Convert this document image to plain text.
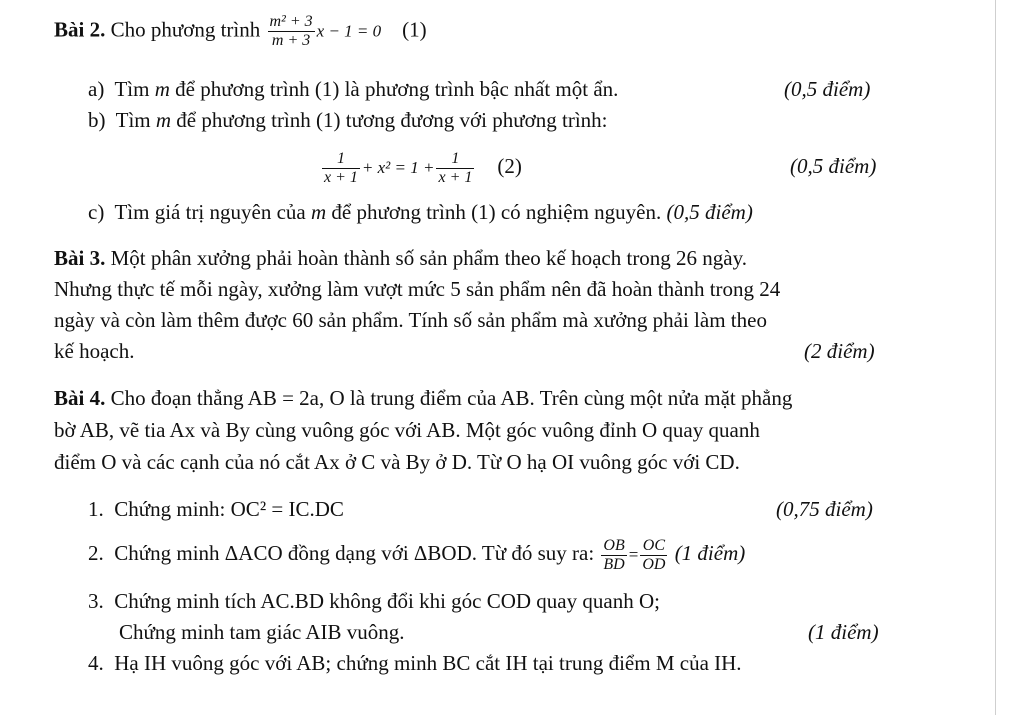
Bài 2. Cho phương trình $\frac{\text{m² + 3}}{m + 3}$ x − 1 = 0 (1)
a) Tìm m để phương trình (1) là phương trình bậc nhất một ẩn.	(0,5 điểm)
b) Tìm m để phương trình (1) tương đương với phương trình:
$\frac{1}{x + 1} + x^2 = 1 + \frac{1}{x + 1} (2)$	(0,5 điểm)
c) Tìm giá trị nguyên của m để phương trình (1) có nghiệm nguyên. (0,5 điểm)
Bài 3. Một phân xưởng phải hoàn thành số sản phẩm theo kế hoạch trong 26 ngày.
Nhưng thực tế mỗi ngày, xưởng làm vượt mức 5 sản phẩm nên đã hoàn thành trong 24
ngày và còn làm thêm được 60 sản phẩm. Tính số sản phẩm mà xưởng phải làm theo
kế hoạch.	(2 điểm)
Bài 4. Cho đoạn thẳng AB = 2a, O là trung điểm của AB. Trên cùng một nửa mặt phẳng
bờ AB, vẽ tia Ax và By cùng vuông góc với AB. Một góc vuông đỉnh O quay quanh
điểm O và các cạnh của nó cắt Ax ở C và By ở D. Từ O hạ OI vuông góc với CD.
1. Chứng minh: OC² = IC.DC	(0,75 điểm)
2. Chứng minh ΔACO đồng dạng với ΔBOD. Từ đó suy ra: $\frac{OB}{BD} = \frac{OC}{OD} (1$ điểm)
3. Chứng minh tích AC.BD không đổi khi góc COD quay quanh O;
Chứng minh tam giác AIB vuông.	(1 điểm)
4. Hạ IH vuông góc với AB; chứng minh BC cắt IH tại trung điểm M của IH.
